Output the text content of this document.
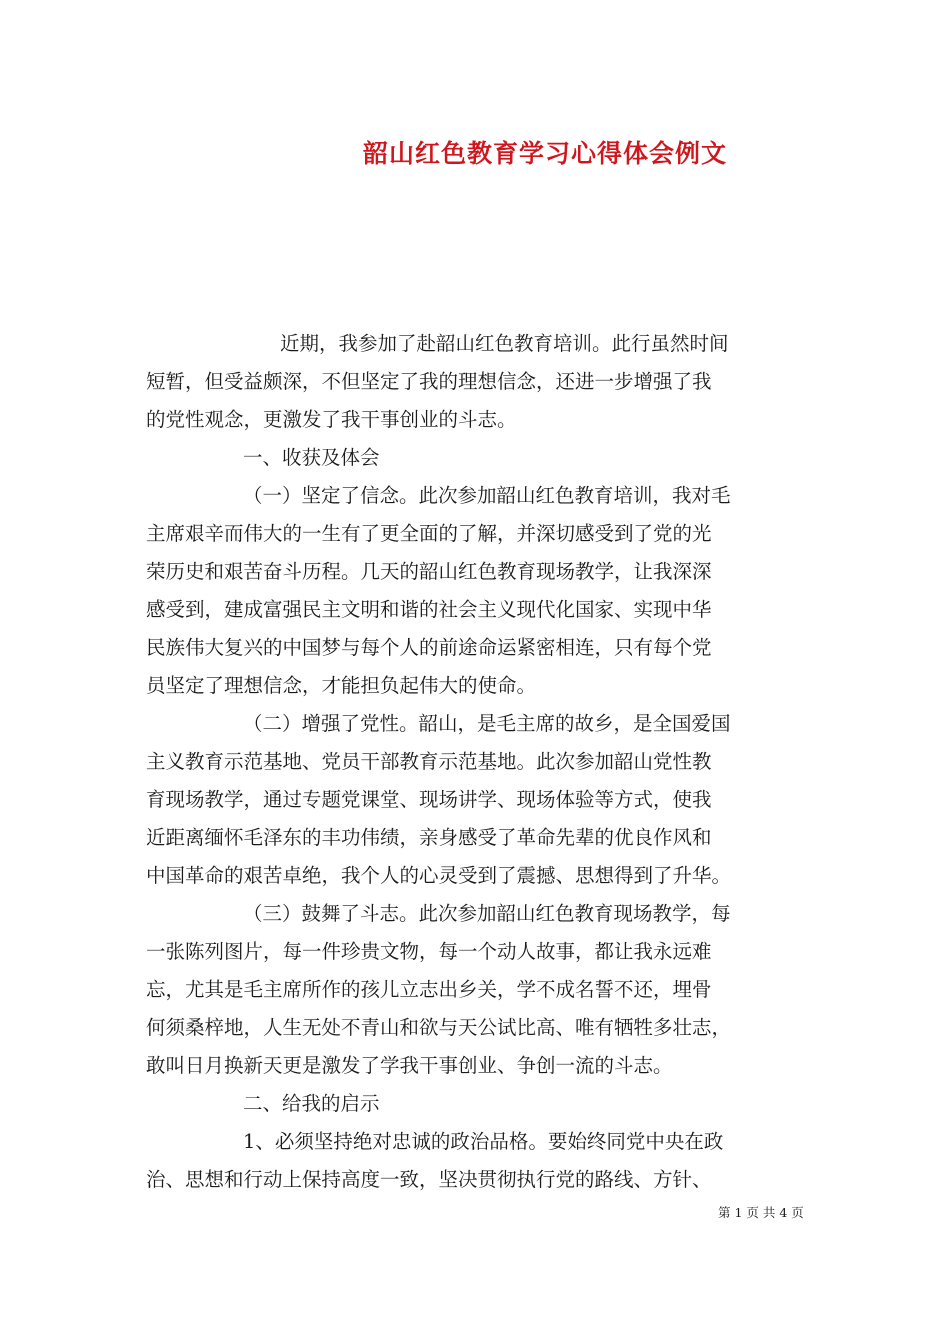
韶山红色教育学习心得体会例文
近期，我参加了赴韶山红色教育培训。此行虽然时间
短暂，但受益颇深，不但坚定了我的理想信念，还进一步增强了我
的党性观念，更激发了我干事创业的斗志。
一、收获及体会
（一）坚定了信念。此次参加韶山红色教育培训，我对毛
主席艰辛而伟大的一生有了更全面的了解，并深切感受到了党的光
荣历史和艰苦奋斗历程。几天的韶山红色教育现场教学，让我深深
感受到，建成富强民主文明和谐的社会主义现代化国家、实现中华
民族伟大复兴的中国梦与每个人的前途命运紧密相连，只有每个党
员坚定了理想信念，才能担负起伟大的使命。
（二）增强了党性。韶山，是毛主席的故乡，是全国爱国
主义教育示范基地、党员干部教育示范基地。此次参加韶山党性教
育现场教学，通过专题党课堂、现场讲学、现场体验等方式，使我
近距离缅怀毛泽东的丰功伟绩，亲身感受了革命先辈的优良作风和
中国革命的艰苦卓绝，我个人的心灵受到了震撼、思想得到了升华。
（三）鼓舞了斗志。此次参加韶山红色教育现场教学，每
一张陈列图片，每一件珍贵文物，每一个动人故事，都让我永远难
忘，尤其是毛主席所作的孩儿立志出乡关，学不成名誓不还，埋骨
何须桑梓地，人生无处不青山和欲与天公试比高、唯有牺牲多壮志，
敢叫日月换新天更是激发了学我干事创业、争创一流的斗志。
二、给我的启示
1、必须坚持绝对忠诚的政治品格。要始终同党中央在政
治、思想和行动上保持高度一致，坚决贯彻执行党的路线、方针、
第 1 页 共 4 页
